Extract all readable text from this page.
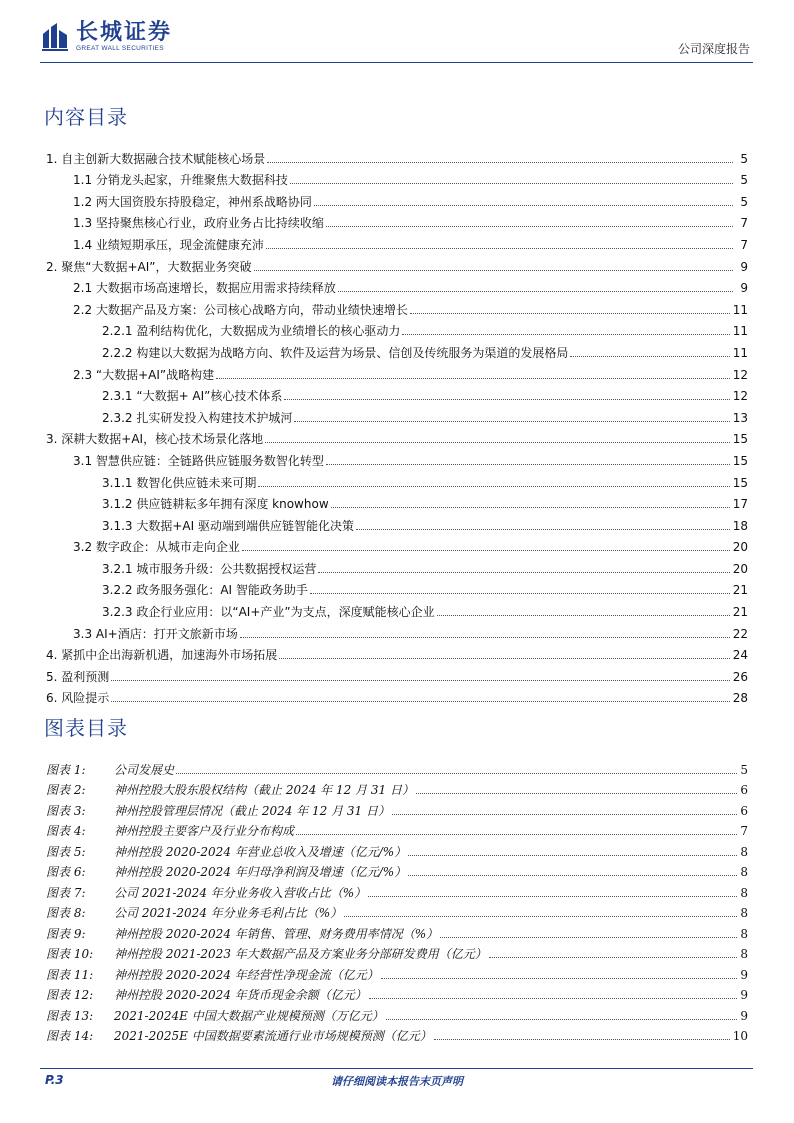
长城证券
GREAT WALL SECURITIES	公司深度报告
内容目录
1. 自主创新大数据融合技术赋能核心场景	5
1.1 分销龙头起家，升维聚焦大数据科技	5
1.2 两大国资股东持股稳定，神州系战略协同	5
1.3 坚持聚焦核心行业，政府业务占比持续收缩	7
1.4 业绩短期承压，现金流健康充沛	7
2. 聚焦“大数据+AI”，大数据业务突破	9
2.1 大数据市场高速增长，数据应用需求持续释放	9
2.2 大数据产品及方案：公司核心战略方向，带动业绩快速增长	11
2.2.1 盈利结构优化，大数据成为业绩增长的核心驱动力	11
2.2.2 构建以大数据为战略方向、软件及运营为场景、信创及传统服务为渠道的发展格局	11
2.3 “大数据+AI”战略构建	12
2.3.1 “大数据+ AI”核心技术体系	12
2.3.2 扎实研发投入构建技术护城河	13
3. 深耕大数据+AI，核心技术场景化落地	15
3.1 智慧供应链：全链路供应链服务数智化转型	15
3.1.1 数智化供应链未来可期	15
3.1.2 供应链耕耘多年拥有深度 knowhow	17
3.1.3 大数据+AI 驱动端到端供应链智能化决策	18
3.2 数字政企：从城市走向企业	20
3.2.1 城市服务升级：公共数据授权运营	20
3.2.2 政务服务强化：AI 智能政务助手	21
3.2.3 政企行业应用：以“AI+产业”为支点，深度赋能核心企业	21
3.3 AI+酒店：打开文旅新市场	22
4. 紧抓中企出海新机遇，加速海外市场拓展	24
5. 盈利预测	26
6. 风险提示	28
图表目录
图表 1:	公司发展史	5
图表 2:	神州控股大股东股权结构（截止 2024 年 12 月 31 日）	6
图表 3:	神州控股管理层情况（截止 2024 年 12 月 31 日）	6
图表 4:	神州控股主要客户及行业分布构成	7
图表 5:	神州控股 2020-2024 年营业总收入及增速（亿元/%）	8
图表 6:	神州控股 2020-2024 年归母净利润及增速（亿元/%）	8
图表 7:	公司 2021-2024 年分业务收入营收占比（%）	8
图表 8:	公司 2021-2024 年分业务毛利占比（%）	8
图表 9:	神州控股 2020-2024 年销售、管理、财务费用率情况（%）	8
图表 10:	神州控股 2021-2023 年大数据产品及方案业务分部研发费用（亿元）	8
图表 11:	神州控股 2020-2024 年经营性净现金流（亿元）	9
图表 12:	神州控股 2020-2024 年货币现金余额（亿元）	9
图表 13:	2021-2024E 中国大数据产业规模预测（万亿元）	9
图表 14:	2021-2025E 中国数据要素流通行业市场规模预测（亿元）	10
P.3	请仔细阅读本报告末页声明
